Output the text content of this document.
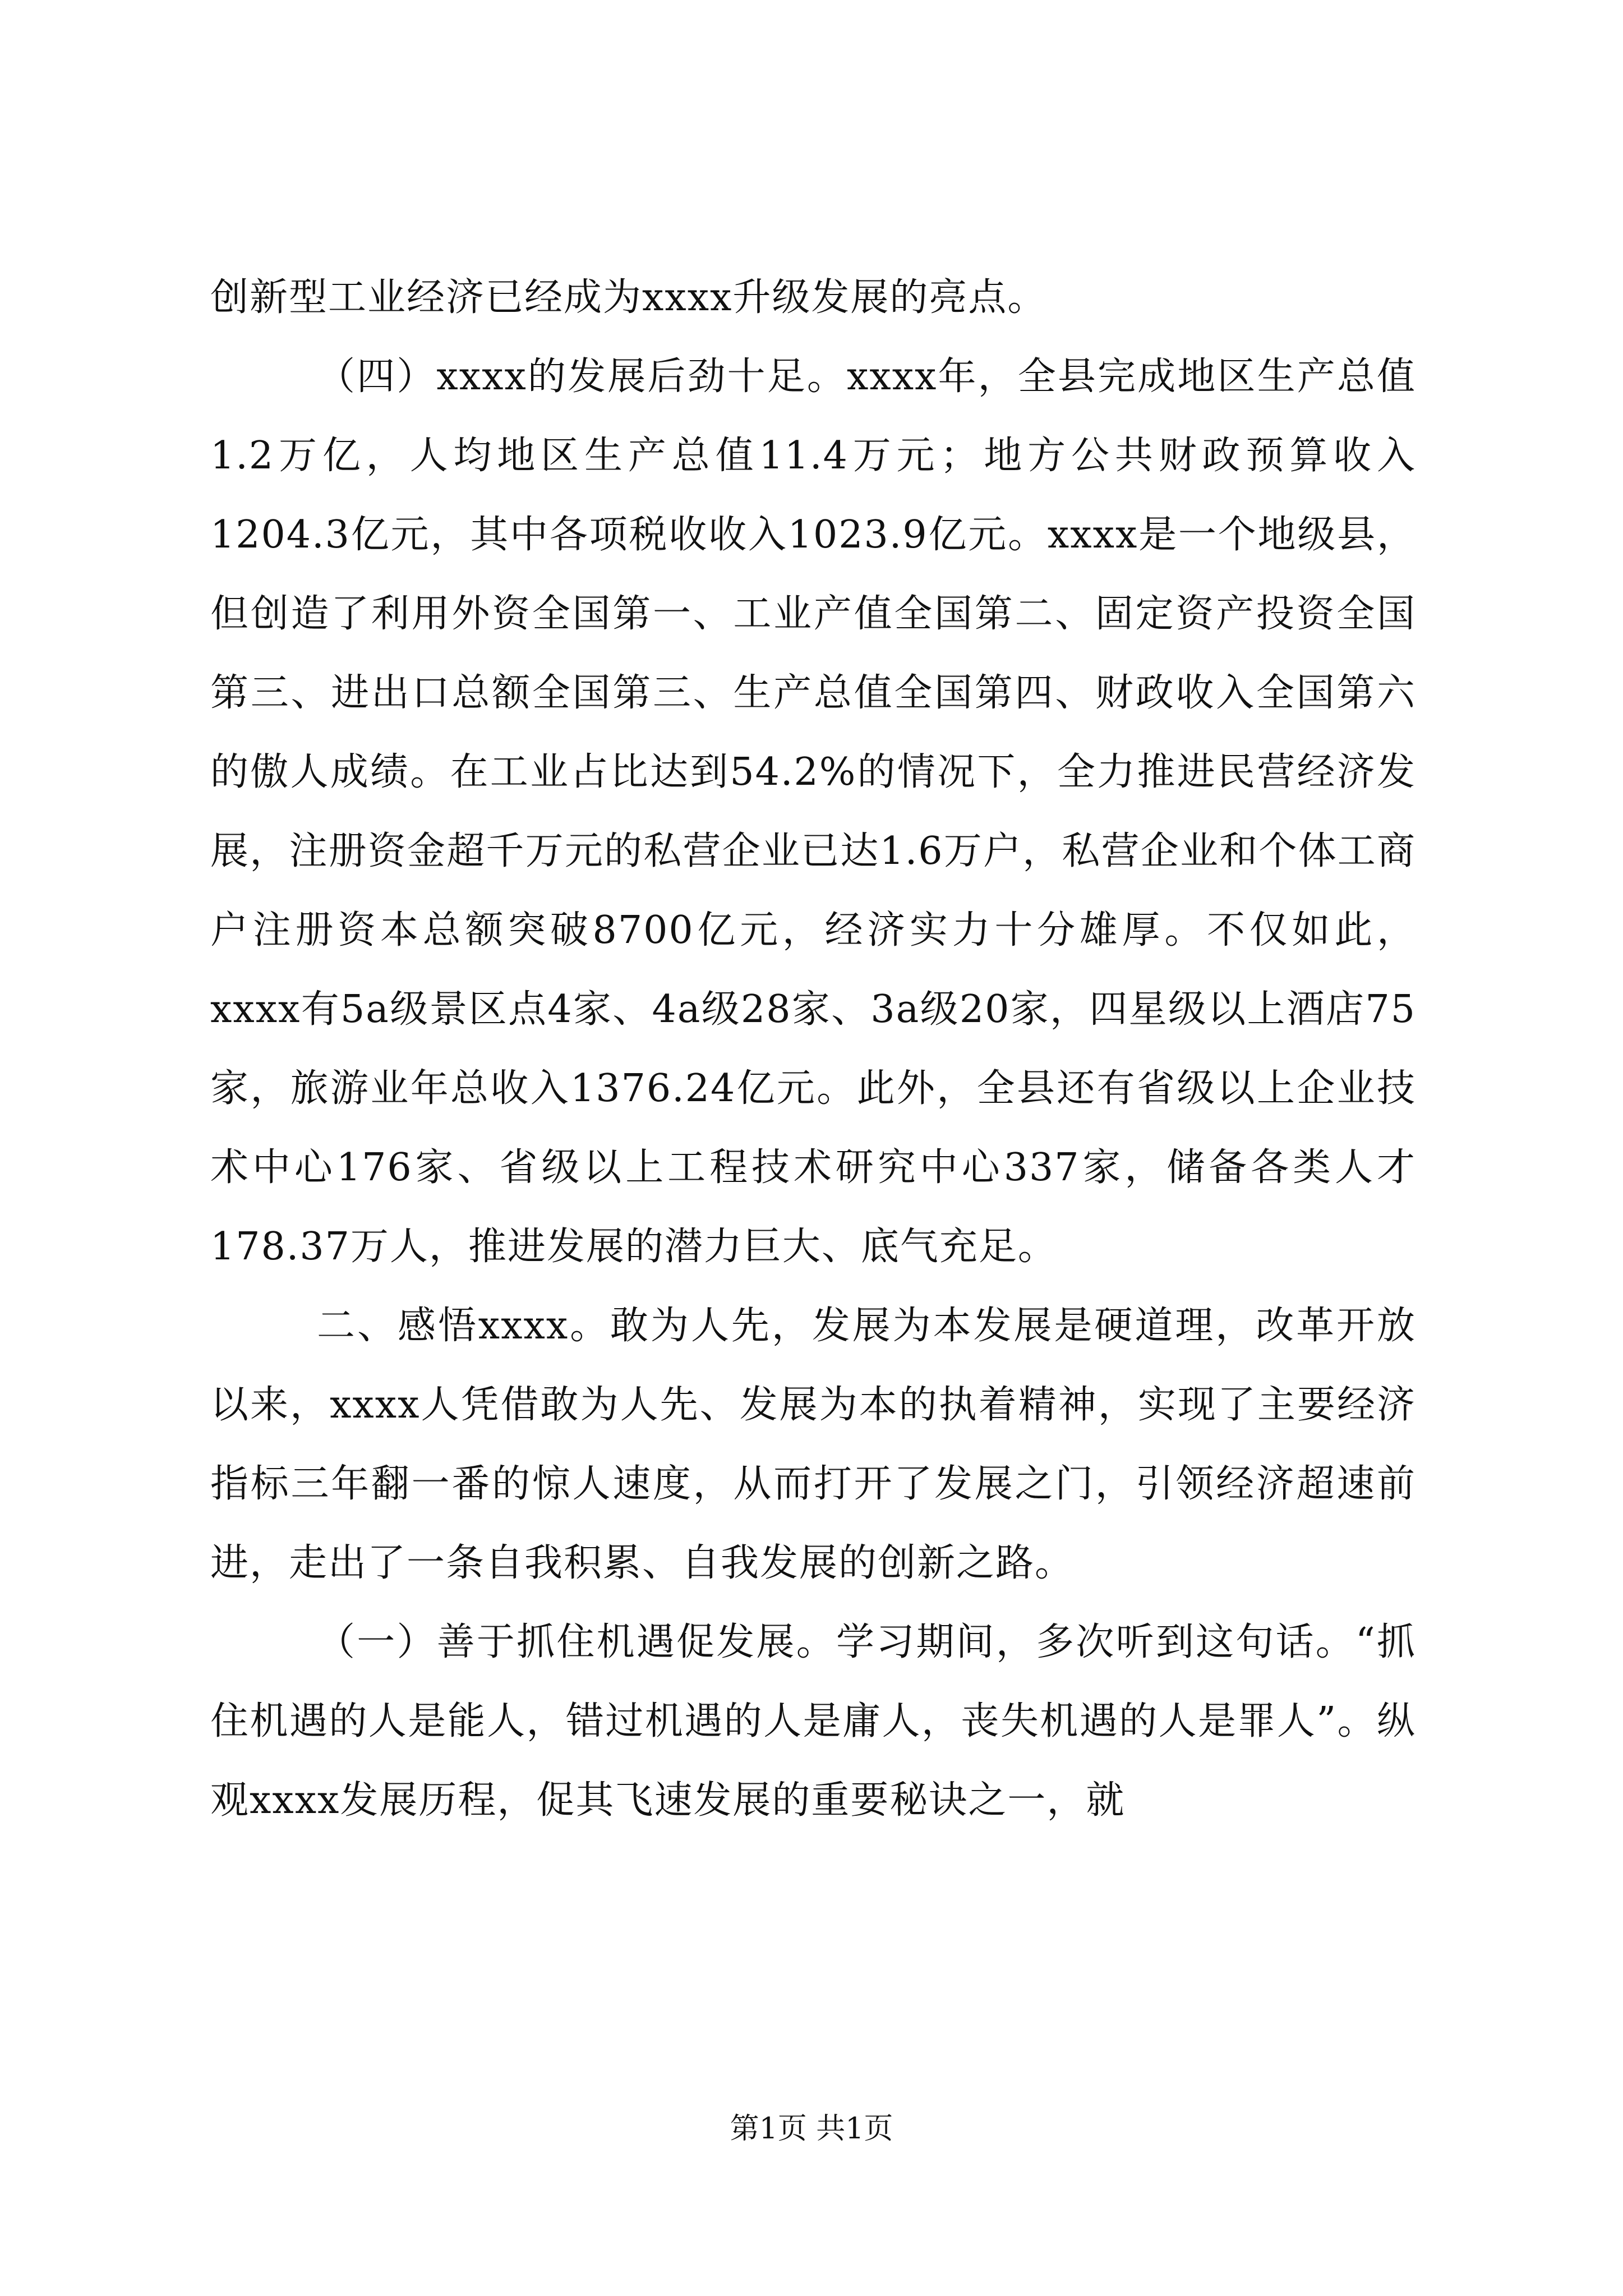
创新型工业经济已经成为xxxx升级发展的亮点。

（四）xxxx的发展后劲十足。xxxx年，全县完成地区生产总值1.2万亿，人均地区生产总值11.4万元；地方公共财政预算收入1204.3亿元，其中各项税收收入1023.9亿元。xxxx是一个地级县，但创造了利用外资全国第一、工业产值全国第二、固定资产投资全国第三、进出口总额全国第三、生产总值全国第四、财政收入全国第六的傲人成绩。在工业占比达到54.2%的情况下，全力推进民营经济发展，注册资金超千万元的私营企业已达1.6万户，私营企业和个体工商户注册资本总额突破8700亿元，经济实力十分雄厚。不仅如此，xxxx有5a级景区点4家、4a级28家、3a级20家，四星级以上酒店75家，旅游业年总收入1376.24亿元。此外，全县还有省级以上企业技术中心176家、省级以上工程技术研究中心337家，储备各类人才178.37万人，推进发展的潜力巨大、底气充足。

二、感悟xxxx。敢为人先，发展为本发展是硬道理，改革开放以来，xxxx人凭借敢为人先、发展为本的执着精神，实现了主要经济指标三年翻一番的惊人速度，从而打开了发展之门，引领经济超速前进，走出了一条自我积累、自我发展的创新之路。

（一）善于抓住机遇促发展。学习期间，多次听到这句话。“抓住机遇的人是能人，错过机遇的人是庸人，丧失机遇的人是罪人”。纵观xxxx发展历程，促其飞速发展的重要秘诀之一，就

第1页 共1页
